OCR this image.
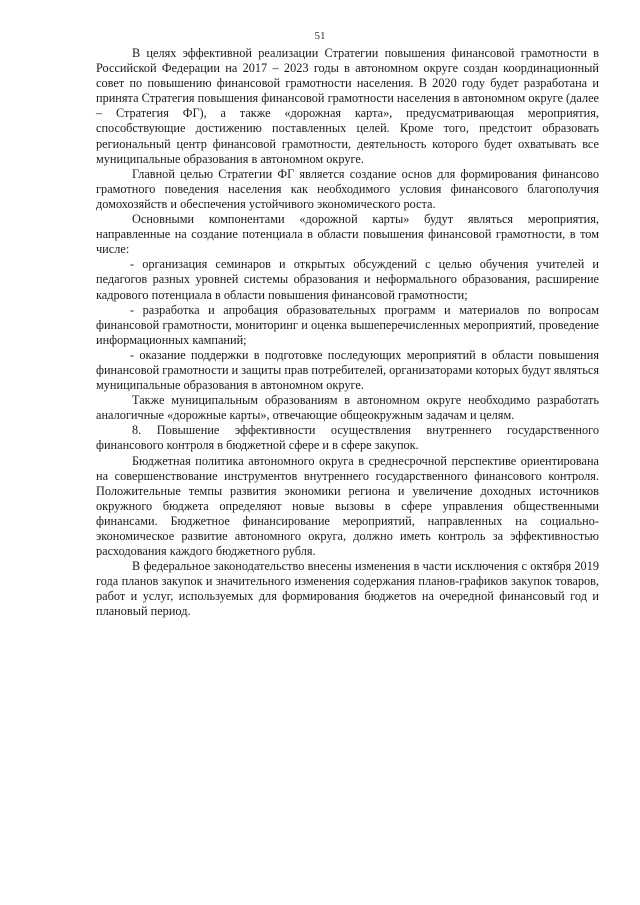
51

В целях эффективной реализации Стратегии повышения финансовой грамотности в Российской Федерации на 2017 – 2023 годы в автономном округе создан координационный совет по повышению финансовой грамотности населения. В 2020 году будет разработана и принята Стратегия повышения финансовой грамотности населения в автономном округе (далее – Стратегия ФГ), а также «дорожная карта», предусматривающая мероприятия, способствующие достижению поставленных целей. Кроме того, предстоит образовать региональный центр финансовой грамотности, деятельность которого будет охватывать все муниципальные образования в автономном округе.

Главной целью Стратегии ФГ является создание основ для формирования финансово грамотного поведения населения как необходимого условия финансового благополучия домохозяйств и обеспечения устойчивого экономического роста.

Основными компонентами «дорожной карты» будут являться мероприятия, направленные на создание потенциала в области повышения финансовой грамотности, в том числе:

- организация семинаров и открытых обсуждений с целью обучения учителей и педагогов разных уровней системы образования и неформального образования, расширение кадрового потенциала в области повышения финансовой грамотности;

- разработка и апробация образовательных программ и материалов по вопросам финансовой грамотности, мониторинг и оценка вышеперечисленных мероприятий, проведение информационных кампаний;

- оказание поддержки в подготовке последующих мероприятий в области повышения финансовой грамотности и защиты прав потребителей, организаторами которых будут являться муниципальные образования в автономном округе.

Также муниципальным образованиям в автономном округе необходимо разработать аналогичные «дорожные карты», отвечающие общеокружным задачам и целям.

8. Повышение эффективности осуществления внутреннего государственного финансового контроля в бюджетной сфере и в сфере закупок.

Бюджетная политика автономного округа в среднесрочной перспективе ориентирована на совершенствование инструментов внутреннего государственного финансового контроля. Положительные темпы развития экономики региона и увеличение доходных источников окружного бюджета определяют новые вызовы в сфере управления общественными финансами. Бюджетное финансирование мероприятий, направленных на социально-экономическое развитие автономного округа, должно иметь контроль за эффективностью расходования каждого бюджетного рубля.

В федеральное законодательство внесены изменения в части исключения с октября 2019 года планов закупок и значительного изменения содержания планов-графиков закупок товаров, работ и услуг, используемых для формирования бюджетов на очередной финансовый год и плановый период.
